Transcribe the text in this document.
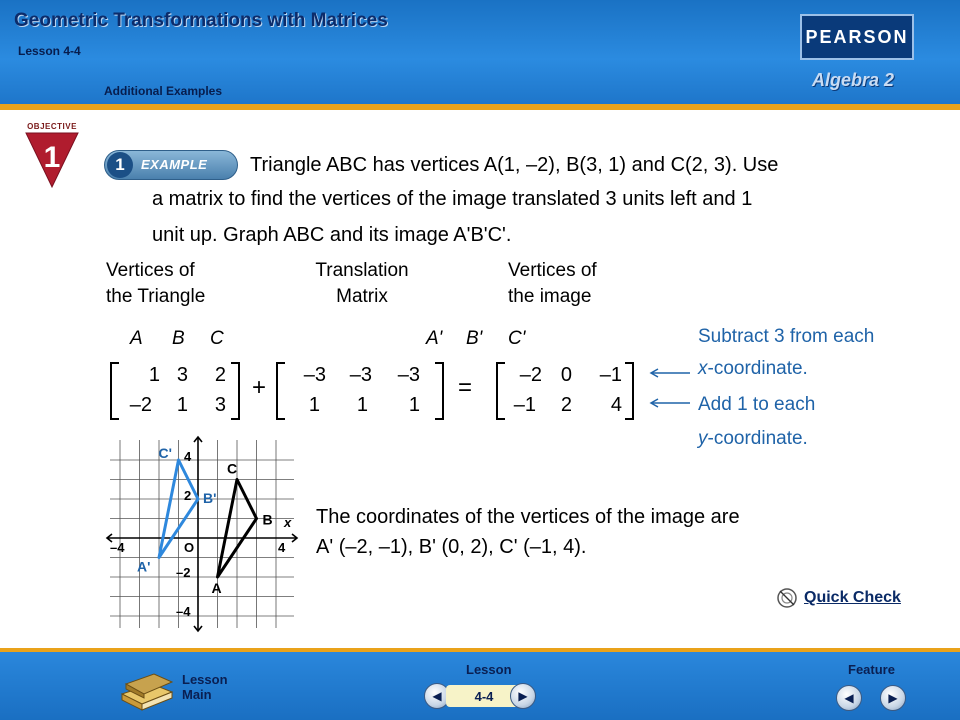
Geometric Transformations with Matrices
Lesson 4-4
Additional Examples
PEARSON
Algebra 2
OBJECTIVE
1	1	EXAMPLE Triangle ABC has vertices A(1, –2), B(3, 1) and C(2, 3). Use
a matrix to find the vertices of the image translated 3 units left and 1
unit up. Graph ABC and its image A'B'C'.
Vertices of
the Triangle
Translation
Matrix
Vertices of
the image
A B C	A' B' C'
1 3	2
–2	1	3
+	–3	–3	–3
1	1	1
=	–2 0	–1
–1	2	4
Subtract 3 from each
x-coordinate.
Add 1 to each
y-coordinate.
–4	4
4
2
–2
–4
O
x
A
B
C
A'
B'
C'
The coordinates of the vertices of the image are
A' (–2, –1), B' (0, 2), C' (–1, 4).
Quick Check
Lesson
Main
Lesson
◀	4-4	▶
Feature
◀	▶
